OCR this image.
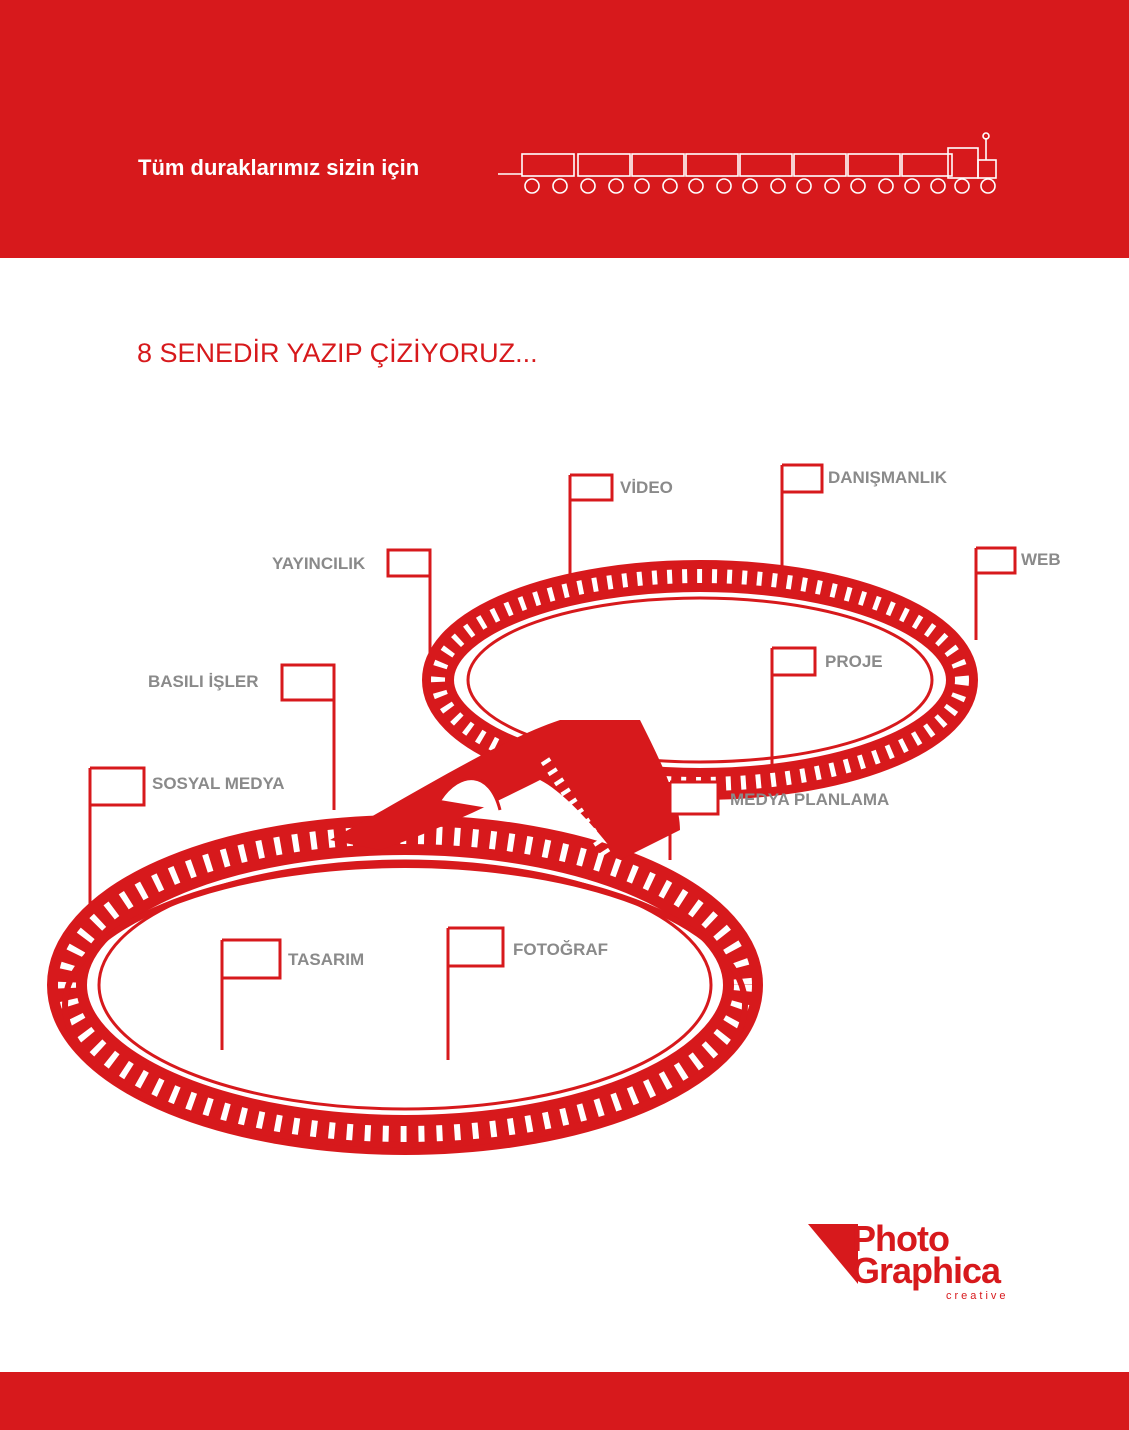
Tüm duraklarımız sizin için
8 SENEDİR YAZIP ÇİZİYORUZ...
VİDEO
DANIŞMANLIK
YAYINCILIK	WEB
PROJE
BASILI İŞLER
SOSYAL MEDYA
MEDYA PLANLAMA
TASARIM
FOTOĞRAF
Photo
Graphica
creative
